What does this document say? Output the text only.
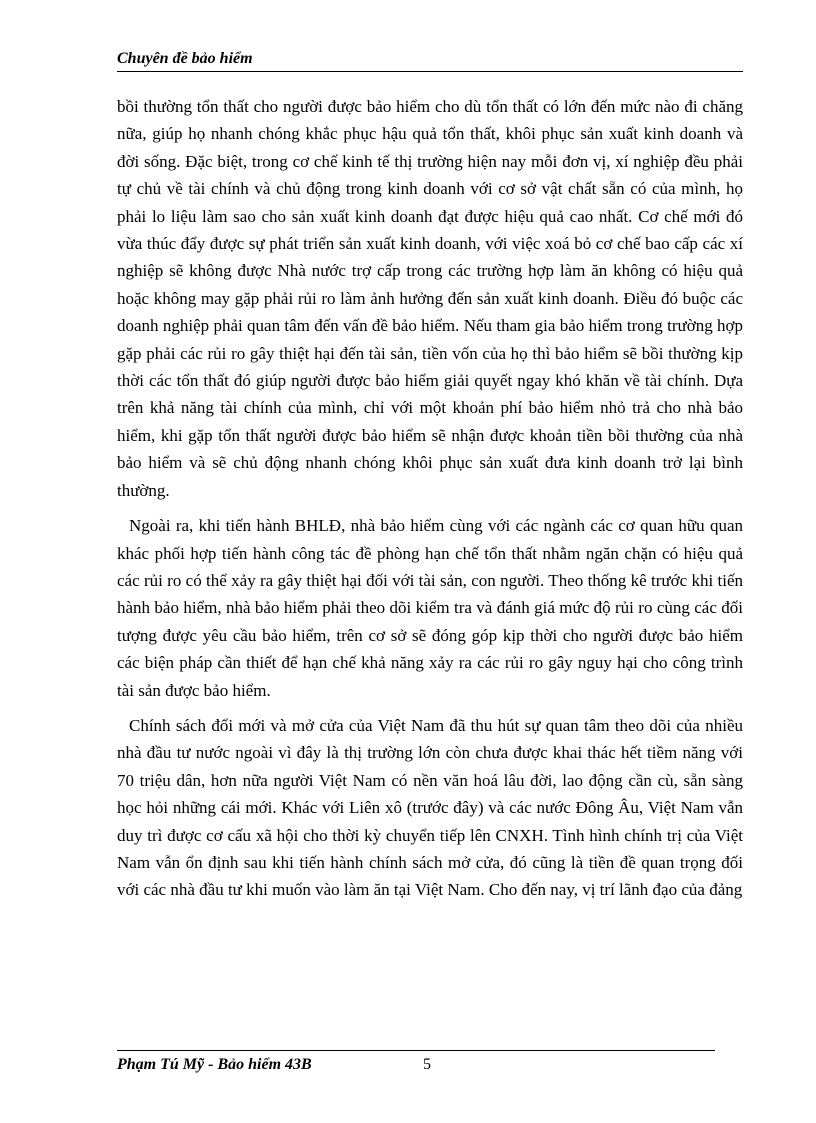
Chuyên đề bảo hiểm

bồi thường tổn thất cho người được bảo hiểm cho dù tổn thất có lớn đến mức nào đi chăng nữa, giúp họ nhanh chóng khắc phục hậu quả tổn thất, khôi phục sản xuất kinh doanh và đời sống. Đặc biệt, trong cơ chế kinh tế thị trường hiện nay mỗi đơn vị, xí nghiệp đều phải tự chủ về tài chính và chủ động trong kinh doanh với cơ sở vật chất sẵn có của mình, họ phải lo liệu làm sao cho sản xuất kinh doanh đạt được hiệu quả cao nhất. Cơ chế mới đó vừa thúc đẩy được sự phát triển sản xuất kinh doanh, với việc xoá bỏ cơ chế bao cấp các xí nghiệp sẽ không được Nhà nước trợ cấp trong các trường hợp làm ăn không có hiệu quả hoặc không may gặp phải rủi ro làm ảnh hưởng đến sản xuất kinh doanh. Điều đó buộc các doanh nghiệp phải quan tâm đến vấn đề bảo hiểm. Nếu tham gia bảo hiểm trong trường hợp gặp phải các rủi ro gây thiệt hại đến tài sản, tiền vốn của họ thì bảo hiểm sẽ bồi thường kịp thời các tổn thất đó giúp người được bảo hiểm giải quyết ngay khó khăn về tài chính. Dựa trên khả năng tài chính của mình, chỉ với một khoản phí bảo hiểm nhỏ trả cho nhà bảo hiểm, khi gặp tổn thất người được bảo hiểm sẽ nhận được khoản tiền bồi thường của nhà bảo hiểm và sẽ chủ động nhanh chóng khôi phục sản xuất đưa kinh doanh trở lại bình thường.

Ngoài ra, khi tiến hành BHLĐ, nhà bảo hiểm cùng với các ngành các cơ quan hữu quan khác phối hợp tiến hành công tác đề phòng hạn chế tổn thất nhằm ngăn chặn có hiệu quả các rủi ro có thể xảy ra gây thiệt hại đối với tài sản, con người. Theo thống kê trước khi tiến hành bảo hiểm, nhà bảo hiểm phải theo dõi kiểm tra và đánh giá mức độ rủi ro cùng các đối tượng được yêu cầu bảo hiểm, trên cơ sở sẽ đóng góp kịp thời cho người được bảo hiểm các biện pháp cần thiết để hạn chế khả năng xảy ra các rủi ro gây nguy hại cho công trình tài sản được bảo hiểm.

Chính sách đổi mới và mở cửa của Việt Nam đã thu hút sự quan tâm theo dõi của nhiều nhà đầu tư nước ngoài vì đây là thị trường lớn còn chưa được khai thác hết tiềm năng với 70 triệu dân, hơn nữa người Việt Nam có nền văn hoá lâu đời, lao động cần cù, sẵn sàng học hỏi những cái mới. Khác với Liên xô (trước đây) và các nước Đông Âu, Việt Nam vẫn duy trì được cơ cấu xã hội cho thời kỳ chuyển tiếp lên CNXH. Tình hình chính trị của Việt Nam vẫn ổn định sau khi tiến hành chính sách mở cửa, đó cũng là tiền đề quan trọng đối với các nhà đầu tư khi muốn vào làm ăn tại Việt Nam. Cho đến nay, vị trí lãnh đạo của đảng

Phạm Tú Mỹ - Bảo hiểm 43B	5
